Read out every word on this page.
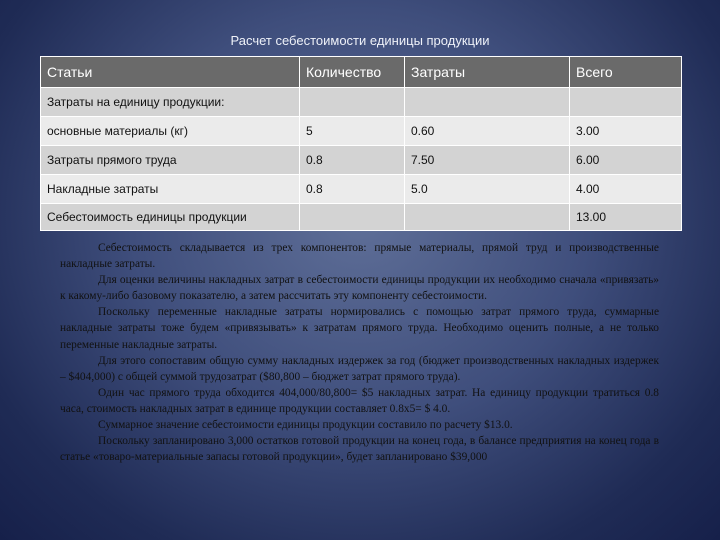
Расчет себестоимости единицы продукции
Статьи	Количество	Затраты	Всего
Затраты на единицу продукции:			
основные материалы (кг)	5	0.60	3.00
Затраты прямого труда	0.8	7.50	6.00
Накладные затраты	0.8	5.0	4.00
Себестоимость единицы продукции			13.00

Себестоимость складывается из трех компонентов: прямые материалы, прямой труд и производственные накладные затраты.

Для оценки величины накладных затрат в себестоимости единицы продукции их необходимо сначала «привязать» к какому-либо базовому показателю, а затем рассчитать эту компоненту себестоимости.

Поскольку переменные накладные затраты нормировались с помощью затрат прямого труда, суммарные накладные затраты тоже будем «привязывать» к затратам прямого труда. Необходимо оценить полные, а не только переменные накладные затраты.

Для этого сопоставим общую сумму накладных издержек за год (бюджет производственных накладных издержек – $404,000) с общей суммой трудозатрат ($80,800 – бюджет затрат прямого труда).

Один час прямого труда обходится 404,000/80,800= $5 накладных затрат. На единицу продукции тратиться 0.8 часа, стоимость накладных затрат в единице продукции составляет 0.8х5= $ 4.0.

Суммарное значение себестоимости единицы продукции составило по расчету $13.0.

Поскольку запланировано 3,000 остатков готовой продукции на конец года, в балансе предприятия на конец года в статье «товаро-материальные запасы готовой продукции», будет запланировано $39,000
